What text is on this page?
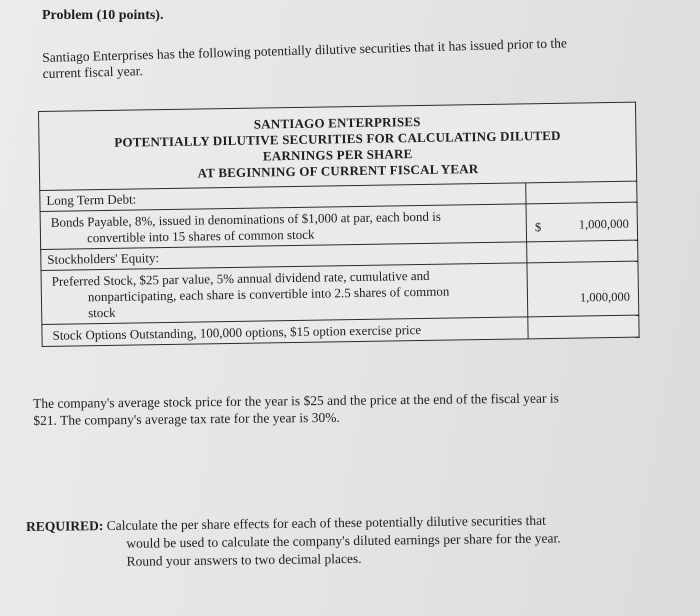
Problem (10 points).
Santiago Enterprises has the following potentially dilutive securities that it has issued prior to the
current fiscal year.
SANTIAGO ENTERPRISES
POTENTIALLY DILUTIVE SECURITIES FOR CALCULATING DILUTED
EARNINGS PER SHARE
AT BEGINNING OF CURRENT FISCAL YEAR	

Long Term Debt:	

Bonds Payable, 8%, issued in denominations of $1,000 at par, each bond is
convertible into 15 shares of common stock	$ 1,000,000

Stockholders' Equity:	

Preferred Stock, $25 par value, 5% annual dividend rate, cumulative and
nonparticipating, each share is convertible into 2.5 shares of common
stock	1,000,000

Stock Options Outstanding, 100,000 options, $15 option exercise price	
The company's average stock price for the year is $25 and the price at the end of the fiscal year is
$21. The company's average tax rate for the year is 30%.
REQUIRED: Calculate the per share effects for each of these potentially dilutive securities that
would be used to calculate the company's diluted earnings per share for the year.
Round your answers to two decimal places.
